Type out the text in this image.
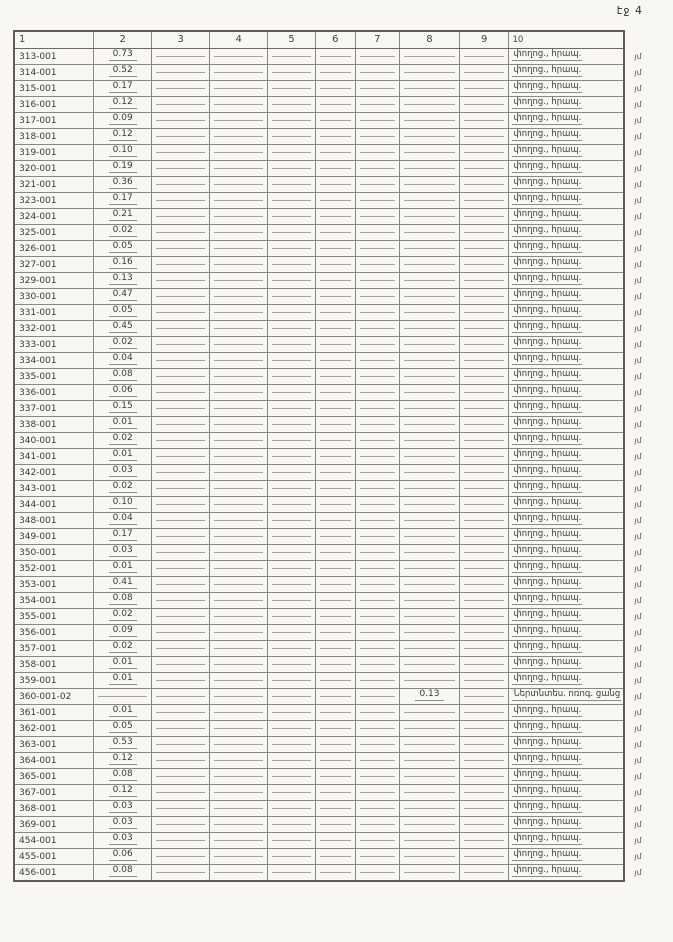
էջ 4
1	2	3	4	5	6	7	8	9	10	
313-001	0.73								փողոց., հրապ.	յմ
314-001	0.52								փողոց., հրապ.	յմ
315-001	0.17								փողոց., հրապ.	յմ
316-001	0.12								փողոց., հրապ.	յմ
317-001	0.09								փողոց., հրապ.	յմ
318-001	0.12								փողոց., հրապ.	յմ
319-001	0.10								փողոց., հրապ.	յմ
320-001	0.19								փողոց., հրապ.	յմ
321-001	0.36								փողոց., հրապ.	յմ
323-001	0.17								փողոց., հրապ.	յմ
324-001	0.21								փողոց., հրապ.	յմ
325-001	0.02								փողոց., հրապ.	յմ
326-001	0.05								փողոց., հրապ.	յմ
327-001	0.16								փողոց., հրապ.	յմ
329-001	0.13								փողոց., հրապ.	յմ
330-001	0.47								փողոց., հրապ.	յմ
331-001	0.05								փողոց., հրապ.	յմ
332-001	0.45								փողոց., հրապ.	յմ
333-001	0.02								փողոց., հրապ.	յմ
334-001	0.04								փողոց., հրապ.	յմ
335-001	0.08								փողոց., հրապ.	յմ
336-001	0.06								փողոց., հրապ.	յմ
337-001	0.15								փողոց., հրապ.	յմ
338-001	0.01								փողոց., հրապ.	յմ
340-001	0.02								փողոց., հրապ.	յմ
341-001	0.01								փողոց., հրապ.	յմ
342-001	0.03								փողոց., հրապ.	յմ
343-001	0.02								փողոց., հրապ.	յմ
344-001	0.10								փողոց., հրապ.	յմ
348-001	0.04								փողոց., հրապ.	յմ
349-001	0.17								փողոց., հրապ.	յմ
350-001	0.03								փողոց., հրապ.	յմ
352-001	0.01								փողոց., հրապ.	յմ
353-001	0.41								փողոց., հրապ.	յմ
354-001	0.08								փողոց., հրապ.	յմ
355-001	0.02								փողոց., հրապ.	յմ
356-001	0.09								փողոց., հրապ.	յմ
357-001	0.02								փողոց., հրապ.	յմ
358-001	0.01								փողոց., հրապ.	յմ
359-001	0.01								փողոց., հրապ.	յմ
360-001-02							0.13		Ներտնտես. ոռոգ. ցանց	յմ
361-001	0.01								փողոց., հրապ.	յմ
362-001	0.05								փողոց., հրապ.	յմ
363-001	0.53								փողոց., հրապ.	յմ
364-001	0.12								փողոց., հրապ.	յմ
365-001	0.08								փողոց., հրապ.	յմ
367-001	0.12								փողոց., հրապ.	յմ
368-001	0.03								փողոց., հրապ.	յմ
369-001	0.03								փողոց., հրապ.	յմ
454-001	0.03								փողոց., հրապ.	յմ
455-001	0.06								փողոց., հրապ.	յմ
456-001	0.08								փողոց., հրապ.	յմ
